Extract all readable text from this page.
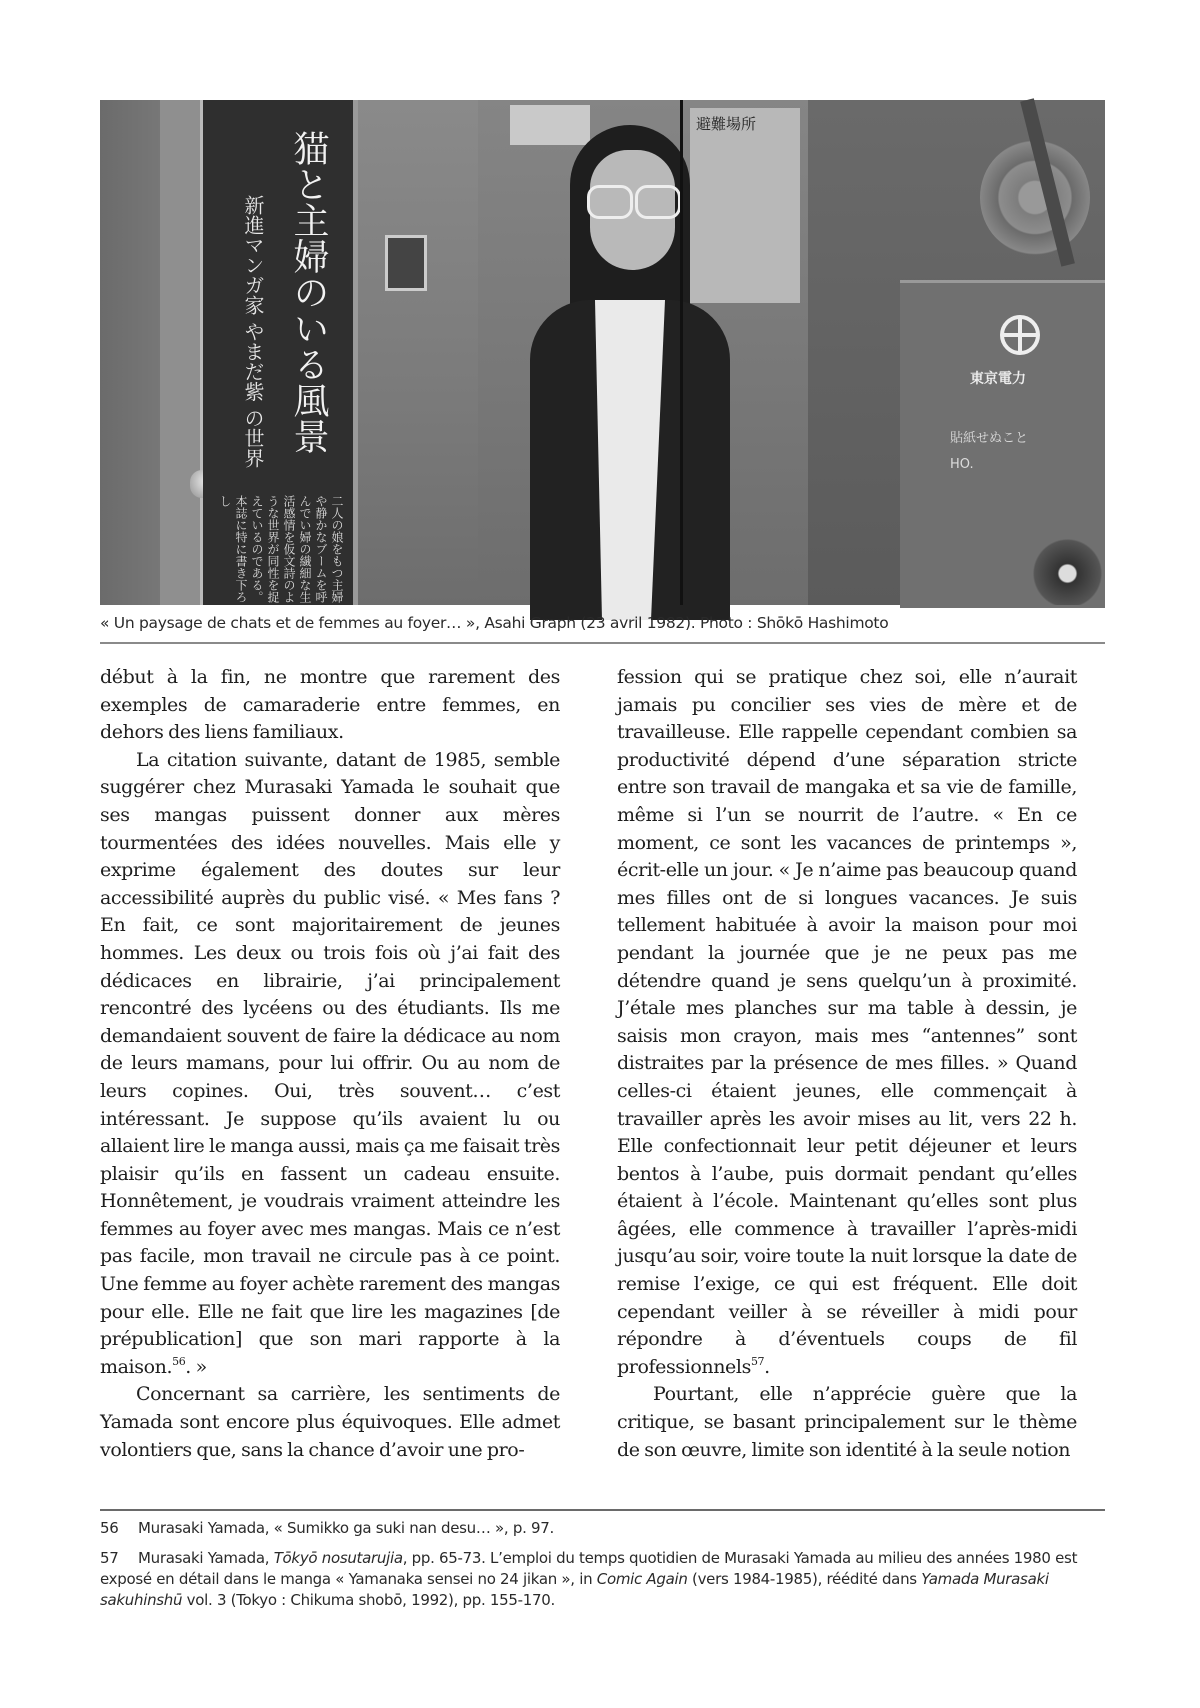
猫と主婦のいる風景
新進マンガ家 やまだ紫 の世界
二人の娘をもつ主婦や静かなブームを呼んでい婦の繊細な生活感情を仮文詩のような世界が同性を捉えているのである。本誌に特に書き下ろし
避難場所
東京電力
貼紙せぬこと
HO.
« Un paysage de chats et de femmes au foyer… », Asahi Graph (23 avril 1982). Photo : Shōkō Hashimoto

début à la fin, ne montre que rarement des exemples de camaraderie entre femmes, en dehors des liens familiaux.

La citation suivante, datant de 1985, semble suggérer chez Murasaki Yamada le souhait que ses mangas puissent donner aux mères tourmentées des idées nouvelles. Mais elle y exprime également des doutes sur leur accessibilité auprès du public visé. « Mes fans ? En fait, ce sont majoritairement de jeunes hommes. Les deux ou trois fois où j’ai fait des dédicaces en librairie, j’ai principalement rencontré des lycéens ou des étudiants. Ils me demandaient souvent de faire la dédicace au nom de leurs mamans, pour lui offrir. Ou au nom de leurs copines. Oui, très souvent… c’est intéressant. Je suppose qu’ils avaient lu ou allaient lire le manga aussi, mais ça me faisait très plaisir qu’ils en fassent un cadeau ensuite. Honnêtement, je voudrais vraiment atteindre les femmes au foyer avec mes mangas. Mais ce n’est pas facile, mon travail ne circule pas à ce point. Une femme au foyer achète rarement des mangas pour elle. Elle ne fait que lire les magazines [de prépublication] que son mari rapporte à la maison.$^{56}$. »

Concernant sa carrière, les sentiments de Yamada sont encore plus équivoques. Elle admet volontiers que, sans la chance d’avoir une pro-

fession qui se pratique chez soi, elle n’aurait jamais pu concilier ses vies de mère et de travailleuse. Elle rappelle cependant combien sa productivité dépend d’une séparation stricte entre son travail de mangaka et sa vie de famille, même si l’un se nourrit de l’autre. « En ce moment, ce sont les vacances de printemps », écrit-elle un jour. « Je n’aime pas beaucoup quand mes filles ont de si longues vacances. Je suis tellement habituée à avoir la maison pour moi pendant la journée que je ne peux pas me détendre quand je sens quelqu’un à proximité. J’étale mes planches sur ma table à dessin, je saisis mon crayon, mais mes “antennes” sont distraites par la présence de mes filles. » Quand celles-ci étaient jeunes, elle commençait à travailler après les avoir mises au lit, vers 22 h. Elle confectionnait leur petit déjeuner et leurs bentos à l’aube, puis dormait pendant qu’elles étaient à l’école. Maintenant qu’elles sont plus âgées, elle commence à travailler l’après-midi jusqu’au soir, voire toute la nuit lorsque la date de remise l’exige, ce qui est fréquent. Elle doit cependant veiller à se réveiller à midi pour répondre à d’éventuels coups de fil professionnels$^{57}$.

Pourtant, elle n’apprécie guère que la critique, se basant principalement sur le thème de son œuvre, limite son identité à la seule notion

56 Murasaki Yamada, « Sumikko ga suki nan desu… », p. 97.
57 Murasaki Yamada, Tōkyō nosutarujia, pp. 65-73. L’emploi du temps quotidien de Murasaki Yamada au milieu des années 1980 est exposé en détail dans le manga « Yamanaka sensei no 24 jikan », in Comic Again (vers 1984-1985), réédité dans Yamada Murasaki sakuhinshū vol. 3 (Tokyo : Chikuma shobō, 1992), pp. 155-170.
